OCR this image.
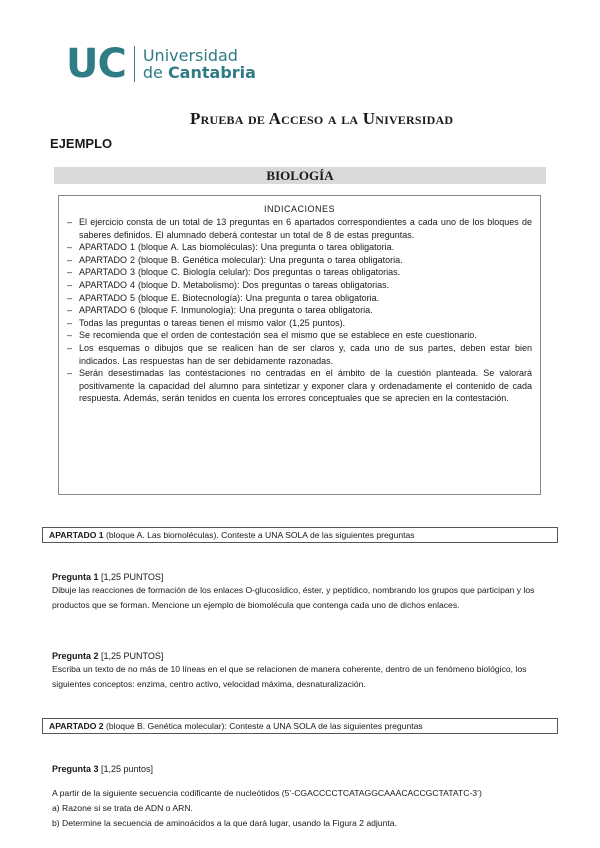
UC Universidad
de Cantabria
Prueba de Acceso a la Universidad
EJEMPLO
BIOLOGÍA
INDICACIONES
– El ejercicio consta de un total de 13 preguntas en 6 apartados correspondientes a cada uno de los bloques de saberes definidos. El alumnado deberá contestar un total de 8 de estas preguntas.
– APARTADO 1 (bloque A. Las biomoléculas): Una pregunta o tarea obligatoria.
– APARTADO 2 (bloque B. Genética molecular): Una pregunta o tarea obligatoria.
– APARTADO 3 (bloque C. Biología celular): Dos preguntas o tareas obligatorias.
– APARTADO 4 (bloque D. Metabolismo): Dos preguntas o tareas obligatorias.
– APARTADO 5 (bloque E. Biotecnología): Una pregunta o tarea obligatoria.
– APARTADO 6 (bloque F. Inmunología): Una pregunta o tarea obligatoria.
– Todas las preguntas o tareas tienen el mismo valor (1,25 puntos).
– Se recomienda que el orden de contestación sea el mismo que se establece en este cuestionario.
– Los esquemas o dibujos que se realicen han de ser claros y, cada uno de sus partes, deben estar bien indicados. Las respuestas han de ser debidamente razonadas.
– Serán desestimadas las contestaciones no centradas en el ámbito de la cuestión planteada. Se valorará positivamente la capacidad del alumno para sintetizar y exponer clara y ordenadamente el contenido de cada respuesta. Además, serán tenidos en cuenta los errores conceptuales que se aprecien en la contestación.
APARTADO 1 (bloque A. Las biomoléculas). Conteste a UNA SOLA de las siguientes preguntas
Pregunta 1 [1,25 PUNTOS]

Dibuje las reacciones de formación de los enlaces O-glucosídico, éster, y peptídico, nombrando los grupos que participan y los productos que se forman. Mencione un ejemplo de biomolécula que contenga cada uno de dichos enlaces.

Pregunta 2 [1,25 PUNTOS]

Escriba un texto de no más de 10 líneas en el que se relacionen de manera coherente, dentro de un fenómeno biológico, los siguientes conceptos: enzima, centro activo, velocidad máxima, desnaturalización.

APARTADO 2 (bloque B. Genética molecular): Conteste a UNA SOLA de las siguientes preguntas
Pregunta 3 [1,25 puntos]

A partir de la siguiente secuencia codificante de nucleótidos (5’-CGACCCCTCATAGGCAAACACCGCTATATC-3’)

a) Razone si se trata de ADN o ARN.

b) Determine la secuencia de aminoácidos a la que dará lugar, usando la Figura 2 adjunta.
